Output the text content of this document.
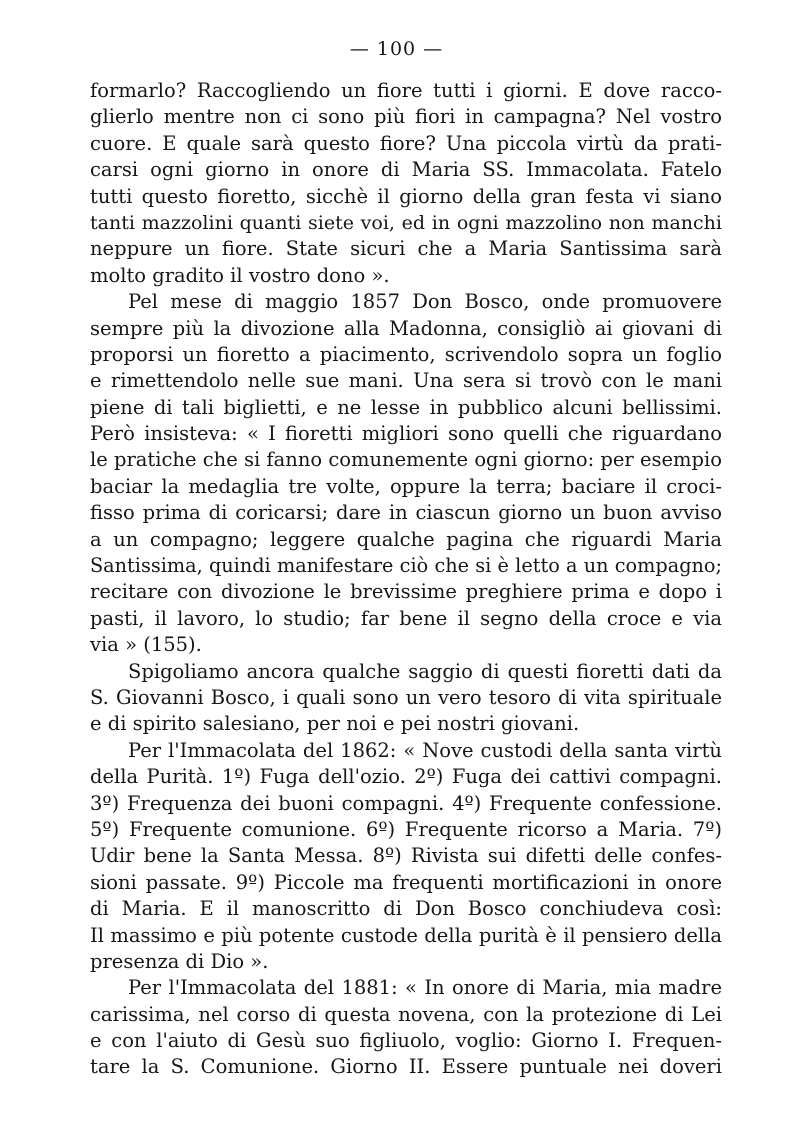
— 100 —
formarlo? Raccogliendo un fiore tutti i giorni. E dove racco-
glierlo mentre non ci sono più fiori in campagna? Nel vostro
cuore. E quale sarà questo fiore? Una piccola virtù da prati-
carsi ogni giorno in onore di Maria SS. Immacolata. Fatelo
tutti questo fioretto, sicchè il giorno della gran festa vi siano
tanti mazzolini quanti siete voi, ed in ogni mazzolino non manchi
neppure un fiore. State sicuri che a Maria Santissima sarà
molto gradito il vostro dono ».
Pel mese di maggio 1857 Don Bosco, onde promuovere
sempre più la divozione alla Madonna, consigliò ai giovani di
proporsi un fioretto a piacimento, scrivendolo sopra un foglio
e rimettendolo nelle sue mani. Una sera si trovò con le mani
piene di tali biglietti, e ne lesse in pubblico alcuni bellissimi.
Però insisteva: « I fioretti migliori sono quelli che riguardano
le pratiche che si fanno comunemente ogni giorno: per esempio
baciar la medaglia tre volte, oppure la terra; baciare il croci-
fisso prima di coricarsi; dare in ciascun giorno un buon avviso
a un compagno; leggere qualche pagina che riguardi Maria
Santissima, quindi manifestare ciò che si è letto a un compagno;
recitare con divozione le brevissime preghiere prima e dopo i
pasti, il lavoro, lo studio; far bene il segno della croce e via
via » (155).
Spigoliamo ancora qualche saggio di questi fioretti dati da
S. Giovanni Bosco, i quali sono un vero tesoro di vita spirituale
e di spirito salesiano, per noi e pei nostri giovani.
Per l'Immacolata del 1862: « Nove custodi della santa virtù
della Purità. 1º) Fuga dell'ozio. 2º) Fuga dei cattivi compagni.
3º) Frequenza dei buoni compagni. 4º) Frequente confessione.
5º) Frequente comunione. 6º) Frequente ricorso a Maria. 7º)
Udir bene la Santa Messa. 8º) Rivista sui difetti delle confes-
sioni passate. 9º) Piccole ma frequenti mortificazioni in onore
di Maria. E il manoscritto di Don Bosco conchiudeva così:
Il massimo e più potente custode della purità è il pensiero della
presenza di Dio ».
Per l'Immacolata del 1881: « In onore di Maria, mia madre
carissima, nel corso di questa novena, con la protezione di Lei
e con l'aiuto di Gesù suo figliuolo, voglio: Giorno I. Frequen-
tare la S. Comunione. Giorno II. Essere puntuale nei doveri
